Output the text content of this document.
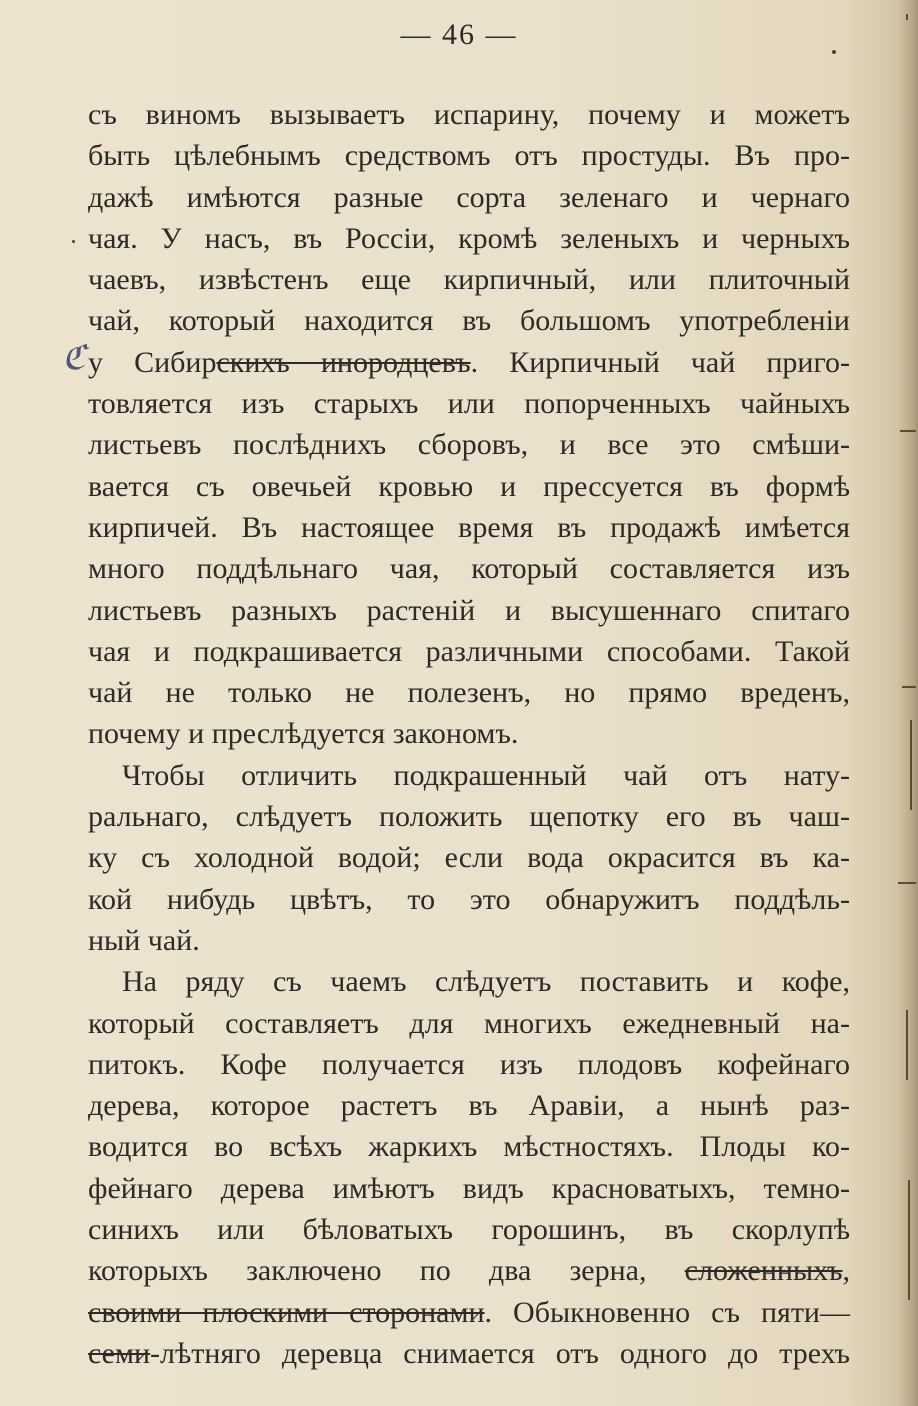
— 46 —
ℭ
съ виномъ вызываетъ испарину, почему и можетъ
быть цѣлебнымъ средствомъ отъ простуды. Въ про-
дажѣ имѣются разные сорта зеленаго и чернаго
чая. У насъ, въ Россіи, кромѣ зеленыхъ и черныхъ
чаевъ, извѣстенъ еще кирпичный, или плиточный
чай, который находится въ большомъ употребленіи
у Сибирскихъ инородцевъ. Кирпичный чай приго-
товляется изъ старыхъ или попорченныхъ чайныхъ
листьевъ послѣднихъ сборовъ, и все это смѣши-
вается съ овечьей кровью и прессуется въ формѣ
кирпичей. Въ настоящее время въ продажѣ имѣется
много поддѣльнаго чая, который составляется изъ
листьевъ разныхъ растеній и высушеннаго спитаго
чая и подкрашивается различными способами. Такой
чай не только не полезенъ, но прямо вреденъ,
почему и преслѣдуется закономъ.
Чтобы отличить подкрашенный чай отъ нату-
ральнаго, слѣдуетъ положить щепотку его въ чаш-
ку съ холодной водой; если вода окрасится въ ка-
кой нибудь цвѣтъ, то это обнаружитъ поддѣль-
ный чай.
На ряду съ чаемъ слѣдуетъ поставить и кофе,
который составляетъ для многихъ ежедневный на-
питокъ. Кофе получается изъ плодовъ кофейнаго
дерева, которое растетъ въ Аравіи, а нынѣ раз-
водится во всѣхъ жаркихъ мѣстностяхъ. Плоды ко-
фейнаго дерева имѣютъ видъ красноватыхъ, темно-
синихъ или бѣловатыхъ горошинъ, въ скорлупѣ
которыхъ заключено по два зерна, сложенныхъ,
своими плоскими сторонами. Обыкновенно съ пяти—
семи-лѣтняго деревца снимается отъ одного до трехъ
